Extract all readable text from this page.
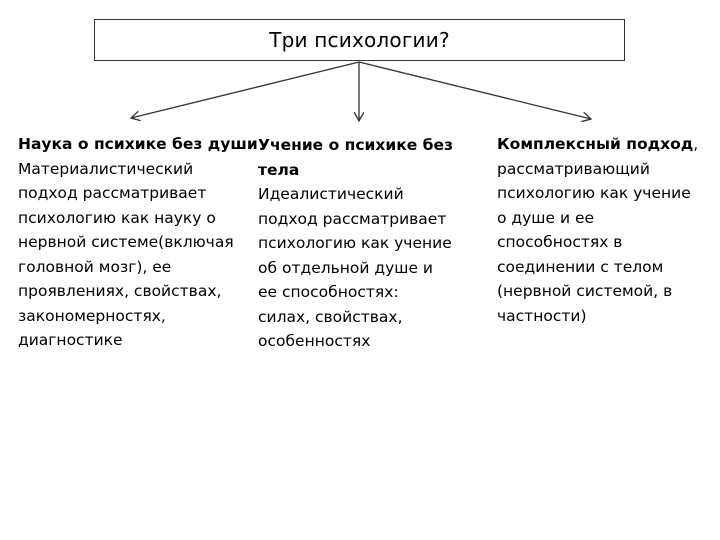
Три психологии?
Наука о психике без души
Материалистический
подход рассматривает
психологию как науку о
нервной системе(включая
головной мозг), ее
проявлениях, свойствах,
закономерностях,
диагностике
Учение о психике без
тела
Идеалистический
подход рассматривает
психологию как учение
об отдельной душе и
ее способностях:
силах, свойствах,
особенностях
Комплексный подход,
рассматривающий
психологию как учение
о душе и ее
способностях в
соединении с телом
(нервной системой, в
частности)
